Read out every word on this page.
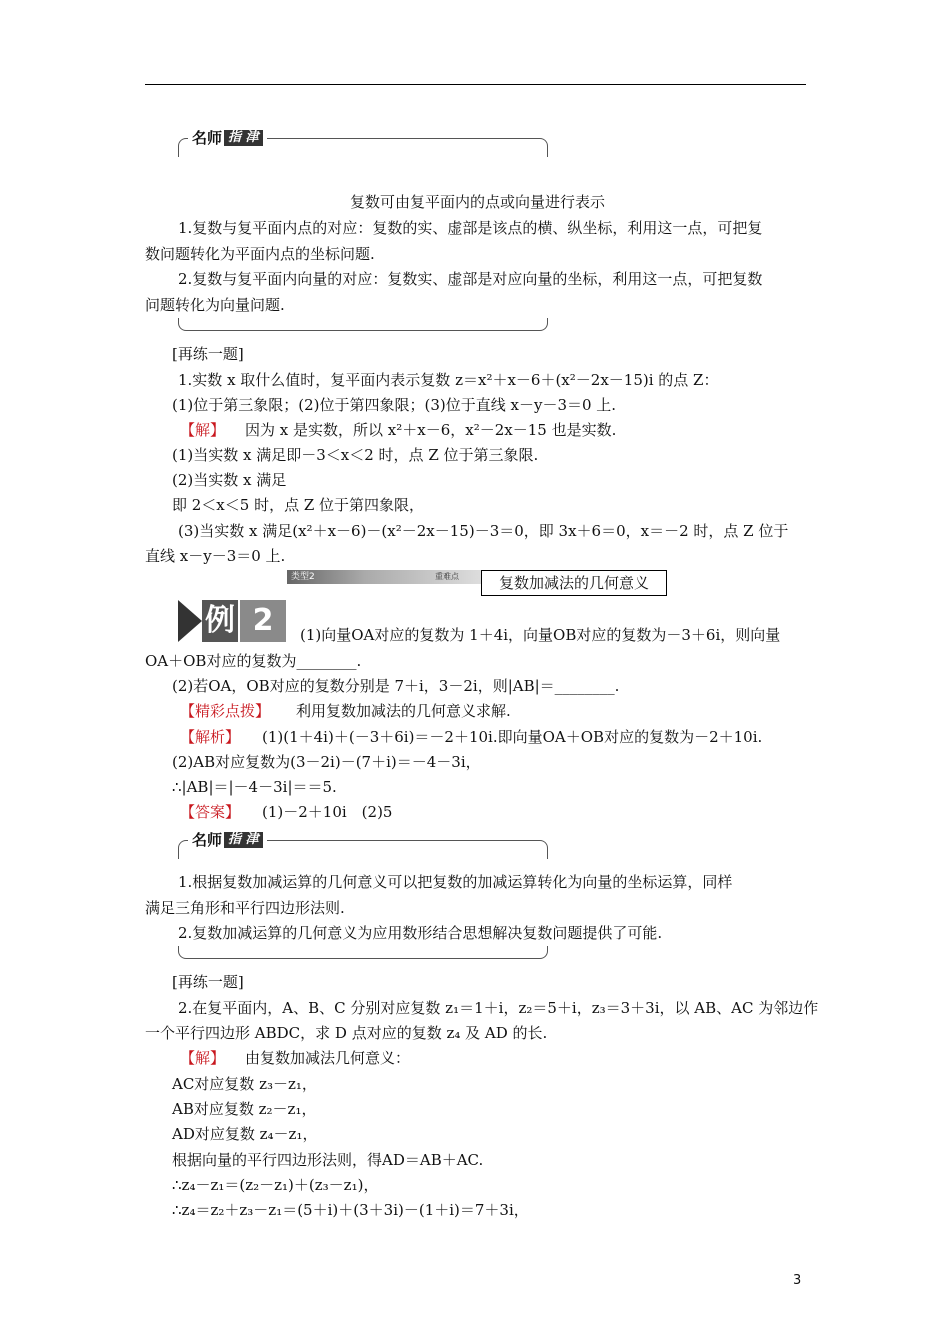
名师 指 津
复数可由复平面内的点或向量进行表示
1.复数与复平面内点的对应：复数的实、虚部是该点的横、纵坐标，利用这一点，可把复
数问题转化为平面内点的坐标问题.
2.复数与复平面内向量的对应：复数实、虚部是对应向量的坐标，利用这一点，可把复数
问题转化为向量问题.
[再练一题]
1.实数 x 取什么值时，复平面内表示复数 z＝x²＋x－6＋(x²－2x－15)i 的点 Z：
(1)位于第三象限；(2)位于第四象限；(3)位于直线 x－y－3＝0 上.
【解】 因为 x 是实数，所以 x²＋x－6，x²－2x－15 也是实数.
(1)当实数 x 满足即－3＜x＜2 时，点 Z 位于第三象限.
(2)当实数 x 满足
即 2＜x＜5 时，点 Z 位于第四象限，
(3)当实数 x 满足(x²＋x－6)－(x²－2x－15)－3＝0，即 3x＋6＝0，x＝－2 时，点 Z 位于
直线 x－y－3＝0 上.
类型2	重难点	复数加减法的几何意义
例 2	(1)向量OA对应的复数为 1＋4i，向量OB对应的复数为－3＋6i，则向量
OA＋OB对应的复数为________.
(2)若OA，OB对应的复数分别是 7＋i，3－2i，则|AB|＝________.
【精彩点拨】 利用复数加减法的几何意义求解.
【解析】 (1)(1＋4i)＋(－3＋6i)＝－2＋10i.即向量OA＋OB对应的复数为－2＋10i.
(2)AB对应复数为(3－2i)－(7＋i)＝－4－3i，
∴|AB|＝|－4－3i|＝＝5.
【答案】 (1)－2＋10i　(2)5
名师 指 津
1.根据复数加减运算的几何意义可以把复数的加减运算转化为向量的坐标运算，同样
满足三角形和平行四边形法则.
2.复数加减运算的几何意义为应用数形结合思想解决复数问题提供了可能.
[再练一题]
2.在复平面内，A、B、C 分别对应复数 z₁＝1＋i，z₂＝5＋i，z₃＝3＋3i，以 AB、AC 为邻边作
一个平行四边形 ABDC，求 D 点对应的复数 z₄ 及 AD 的长.
【解】 由复数加减法几何意义：
AC对应复数 z₃－z₁，
AB对应复数 z₂－z₁，
AD对应复数 z₄－z₁，
根据向量的平行四边形法则，得AD＝AB＋AC.
∴z₄－z₁＝(z₂－z₁)＋(z₃－z₁)，
∴z₄＝z₂＋z₃－z₁＝(5＋i)＋(3＋3i)－(1＋i)＝7＋3i，
3
